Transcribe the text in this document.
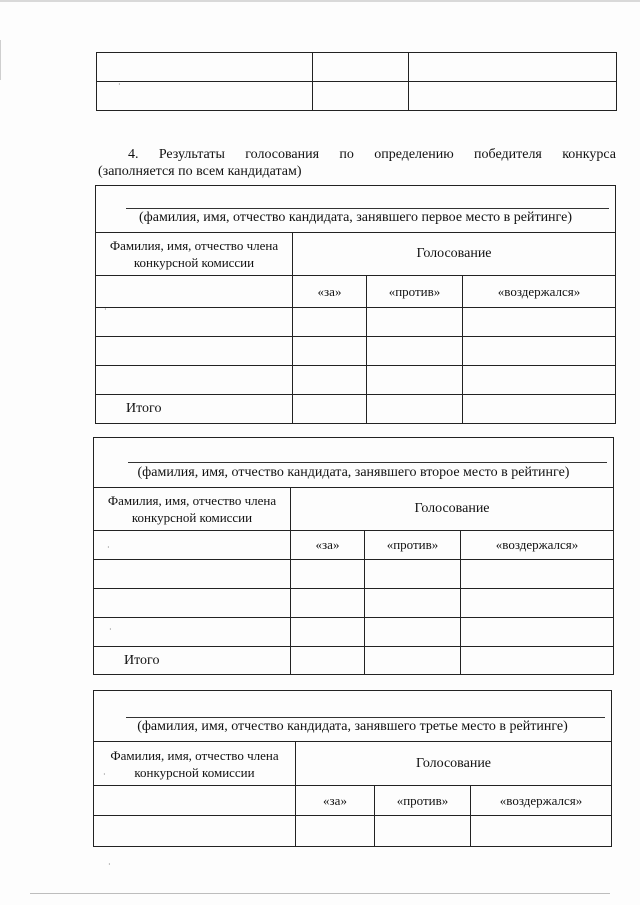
·
4. Результаты голосования по определению победителя конкурса
(заполняется по всем кандидатам)
(фамилия, имя, отчество кандидата, занявшего первое место в рейтинге)
Фамилия, имя, отчество члена конкурсной комиссии	Голосование		
	«за»	«против»	«воздержался»

Итого			
(фамилия, имя, отчество кандидата, занявшего второе место в рейтинге)
Фамилия, имя, отчество члена конкурсной комиссии	Голосование		
	«за»	«против»	«воздержался»

Итого			
(фамилия, имя, отчество кандидата, занявшего третье место в рейтинге)
Фамилия, имя, отчество члена конкурсной комиссии	Голосование		
	«за»	«против»	«воздержался»

·
·
·
·
·
